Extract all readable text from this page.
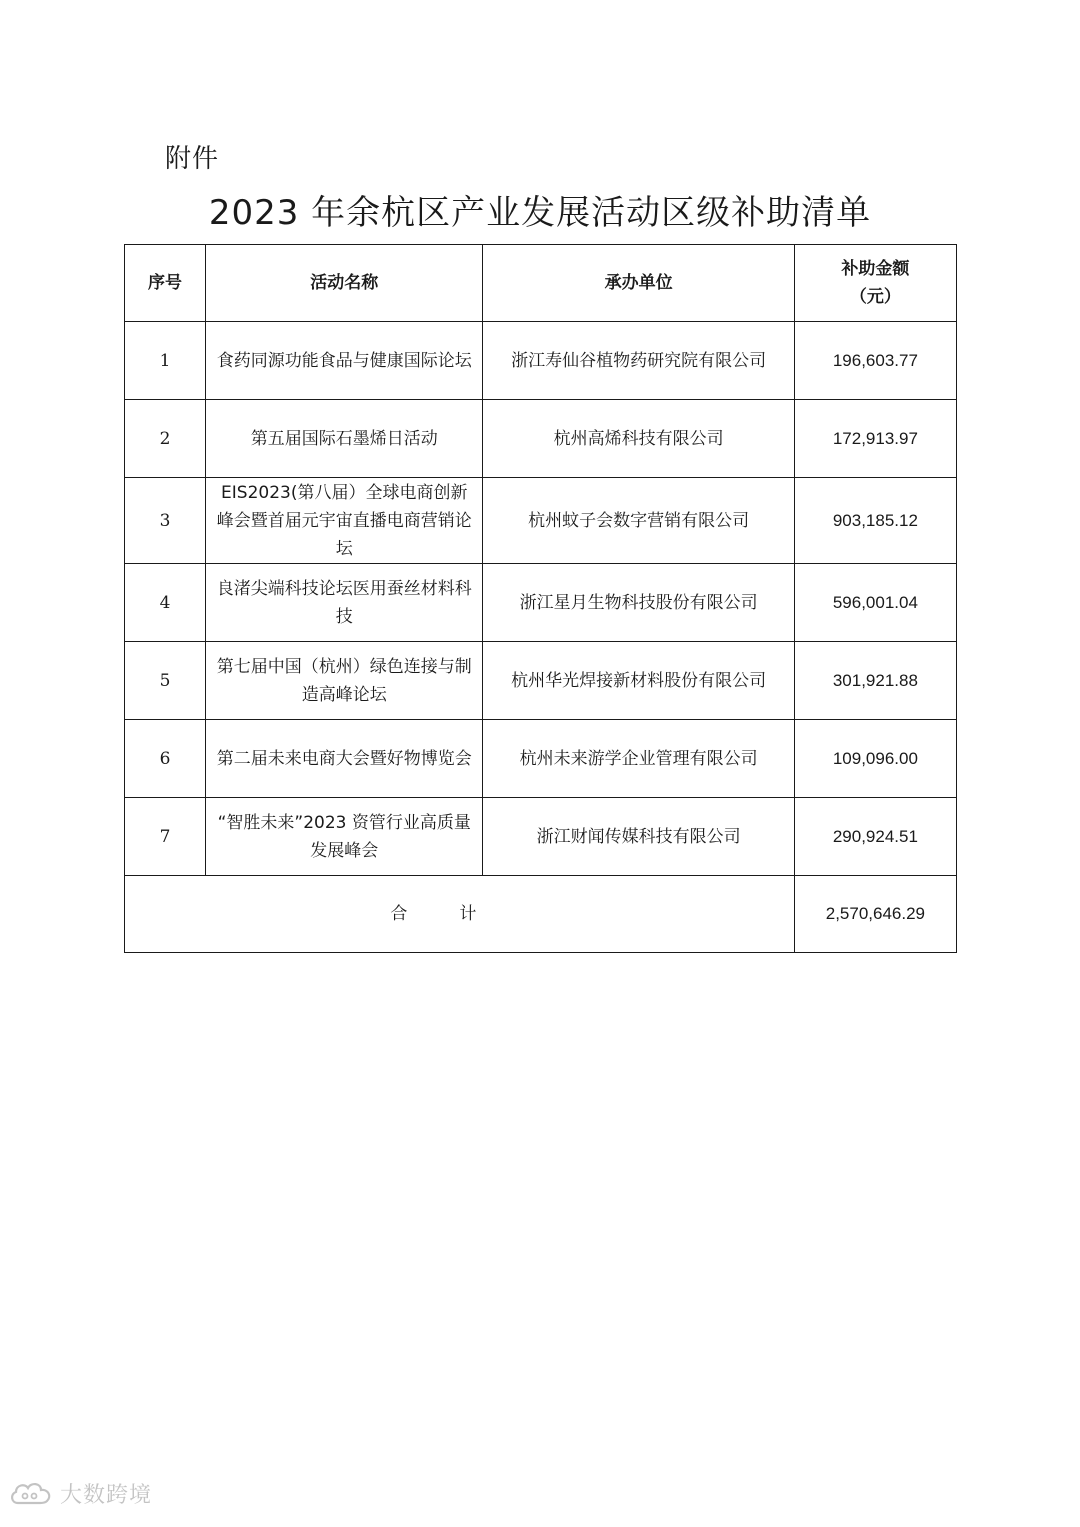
附件
2023 年余杭区产业发展活动区级补助清单
序号	活动名称	承办单位	补助金额
（元）

1	食药同源功能食品与健康国际论坛	浙江寿仙谷植物药研究院有限公司	196,603.77
2	第五届国际石墨烯日活动	杭州高烯科技有限公司	172,913.97
3	EIS2023(第八届）全球电商创新峰会暨首届元宇宙直播电商营销论坛	杭州蚊子会数字营销有限公司	903,185.12
4	良渚尖端科技论坛医用蚕丝材料科技	浙江星月生物科技股份有限公司	596,001.04
5	第七届中国（杭州）绿色连接与制造高峰论坛	杭州华光焊接新材料股份有限公司	301,921.88
6	第二届未来电商大会暨好物博览会	杭州未来游学企业管理有限公司	109,096.00
7	“智胜未来”2023 资管行业高质量发展峰会	浙江财闻传媒科技有限公司	290,924.51
合计			2,570,646.29
大数跨境
